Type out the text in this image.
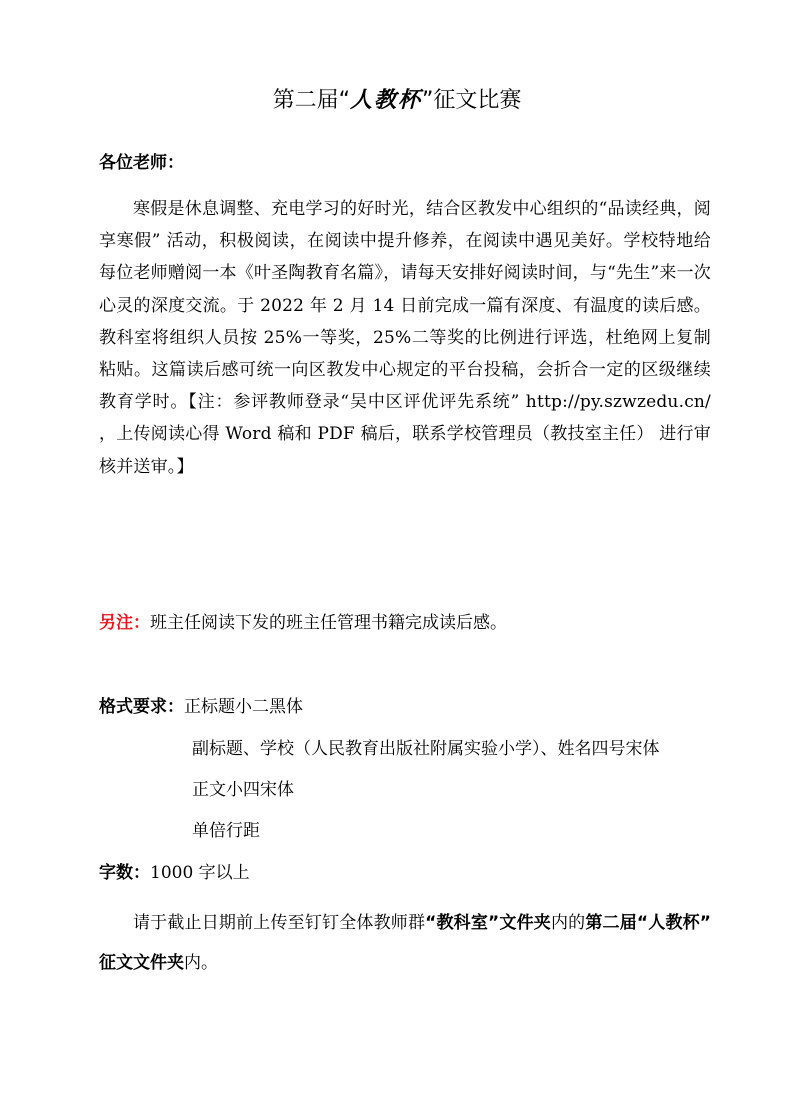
第二届“人教杯”征文比赛
各位老师：
寒假是休息调整、充电学习的好时光，结合区教发中心组织的“品读经典，阅享寒假” 活动，积极阅读，在阅读中提升修养，在阅读中遇见美好。学校特地给每位老师赠阅一本《叶圣陶教育名篇》，请每天安排好阅读时间，与“先生”来一次心灵的深度交流。于 2022 年 2 月 14 日前完成一篇有深度、有温度的读后感。教科室将组织人员按 25%一等奖，25%二等奖的比例进行评选，杜绝网上复制粘贴。这篇读后感可统一向区教发中心规定的平台投稿，会折合一定的区级继续教育学时。【注：参评教师登录“吴中区评优评先系统” http://py.szwzedu.cn/ ，上传阅读心得 Word 稿和 PDF 稿后，联系学校管理员（教技室主任） 进行审核并送审。】
另注：班主任阅读下发的班主任管理书籍完成读后感。
格式要求：正标题小二黑体
副标题、学校（人民教育出版社附属实验小学）、姓名四号宋体
正文小四宋体
单倍行距
字数：1000 字以上
请于截止日期前上传至钉钉全体教师群“教科室”文件夹内的第二届“人教杯” 征文文件夹内。
